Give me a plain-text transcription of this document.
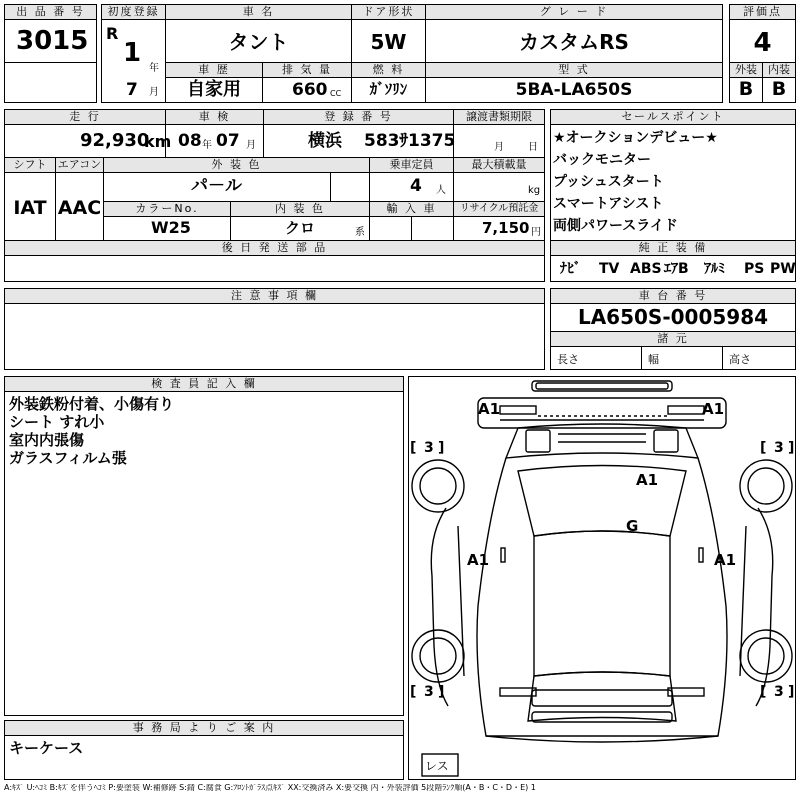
出 品 番 号
3015
初度登録
R
1
年
7 月
車 名
タント
ドア形状
5W
グ レ ー ド
カスタムRS
評価点
4
車 歴
自家用
排 気 量
660 CC
燃 料
ｶﾞｿﾘﾝ
型 式
5BA-LA650S
外装	内装
B B
走 行
92,930
km
車 検
08 年 07 月
登 録 番 号
横浜 583ｻ1375
譲渡書類期限
月 日
セールスポイント
★オークションデビュー★
バックモニター
プッシュスタート
スマートアシスト
両側パワースライド
シフト	エアコン
IAT AAC
外 装 色
パ－ル
乗車定員
4 人
最大積載量
kg
カラーNo.
W25
内 装 色
クロ	系
輸 入 車	リサイクル預託金
7,150 円
後 日 発 送 部 品	純 正 装 備
ﾅﾋﾞ TV ABS ｴｱB ｱﾙﾐ PS PW
注 意 事 項 欄	車 台 番 号
LA650S-0005984
諸 元
長さ	幅	高さ
検 査 員 記 入 欄
外装鉄粉付着、小傷有り
シート すれ小
室内内張傷
ガラスフィルム張
事 務 局 よ り ご 案 内
キーケース
A1	A1
A1
G
A1	A1
[ 3 ]	[ 3 ]
[ 3 ]	[ 3 ]
レス
A:ｷｽﾞ U:ﾍｺﾐ B:ｷｽﾞを伴うﾍｺﾐ P:要塗装 W:補修跡 S:錆 C:腐食 G:ﾌﾛﾝﾄｶﾞﾗｽ点ｷｽﾞ XX:交換済み X:要交換 内・外装評価 5段階ﾗﾝｸ順(A・B・C・D・E) 1
